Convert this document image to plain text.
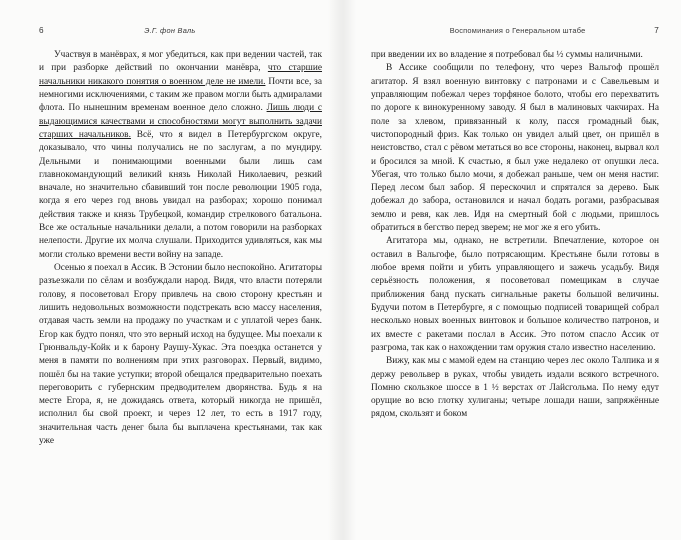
6	Э.Г. фон Валь

Участвуя в манёврах, я мог убедиться, как при ведении частей, так и при разборке действий по окончании манёвра, что старшие начальники никакого понятия о военном деле не имели. Почти все, за немногими исключениями, с таким же правом могли быть адмиралами флота. По нынешним временам военное дело сложно. Лишь люди с выдающимися качествами и способностями могут выполнить задачи старших начальников. Всё, что я видел в Петербургском округе, доказывало, что чины получались не по заслугам, а по мундиру. Дельными и понимающими военными были лишь сам главнокомандующий великий князь Николай Николаевич, резкий вначале, но значительно сбавивший тон после революции 1905 года, когда я его через год вновь увидал на разборах; хорошо понимал действия также и князь Трубецкой, командир стрелкового батальона. Все же остальные начальники делали, а потом говорили на разборках нелепости. Другие их молча слушали. Приходится удивляться, как мы могли столько времени вести войну на западе.

Осенью я поехал в Ассик. В Эстонии было неспокойно. Агитаторы разъезжали по сёлам и возбуждали народ. Видя, что власти потеряли голову, я посоветовал Егору привлечь на свою сторону крестьян и лишить недовольных возможности подстрекать всю массу населения, отдавая часть земли на продажу по участкам и с уплатой через банк. Егор как будто понял, что это верный исход на будущее. Мы поехали к Грюнвальду-Койк и к барону Раушу-Хукас. Эта поездка останется у меня в памяти по волнениям при этих разговорах. Первый, видимо, пошёл бы на такие уступки; второй обещался предварительно поехать переговорить с губернским предводителем дворянства. Будь я на месте Егора, я, не дожидаясь ответа, который никогда не пришёл, исполнил бы свой проект, и через 12 лет, то есть в 1917 году, значительная часть денег была бы выплачена крестьянами, так как уже

Воспоминания о Генеральном штабе	7

при введении их во владение я потребовал бы ½ суммы наличными.

В Ассике сообщили по телефону, что через Вальгоф прошёл агитатор. Я взял военную винтовку с патронами и с Савельевым и управляющим побежал через торфяное болото, чтобы его перехватить по дороге к винокуренному заводу. Я был в малиновых чакчирах. На поле за хлевом, привязанный к колу, пасся громадный бык, чистопородный фриз. Как только он увидел алый цвет, он пришёл в неистовство, стал с рёвом метаться во все стороны, наконец, вырвал кол и бросился за мной. К счастью, я был уже недалеко от опушки леса. Убегая, что только было мочи, я добежал раньше, чем он меня настиг. Перед лесом был забор. Я перескочил и спрятался за дерево. Бык добежал до забора, остановился и начал бодать рогами, разбрасывая землю и ревя, как лев. Идя на смертный бой с людьми, пришлось обратиться в бегство перед зверем; не мог же я его убить.

Агитатора мы, однако, не встретили. Впечатление, которое он оставил в Вальгофе, было потрясающим. Крестьяне были готовы в любое время пойти и убить управляющего и зажечь усадьбу. Видя серьёзность положения, я посоветовал помещикам в случае приближения банд пускать сигнальные ракеты большой величины. Будучи потом в Петербурге, я с помощью подписей товарищей собрал несколько новых военных винтовок и большое количество патронов, и их вместе с ракетами послал в Ассик. Это потом спасло Ассик от разгрома, так как о нахождении там оружия стало известно населению.

Вижу, как мы с мамой едем на станцию через лес около Талпика и я держу револьвер в руках, чтобы увидеть издали всякого встречного. Помню скользкое шоссе в 1 ½ верстах от Лайсгольма. По нему едут орущие во всю глотку хулиганы; четыре лошади наши, запряжённые рядом, скользят и боком
